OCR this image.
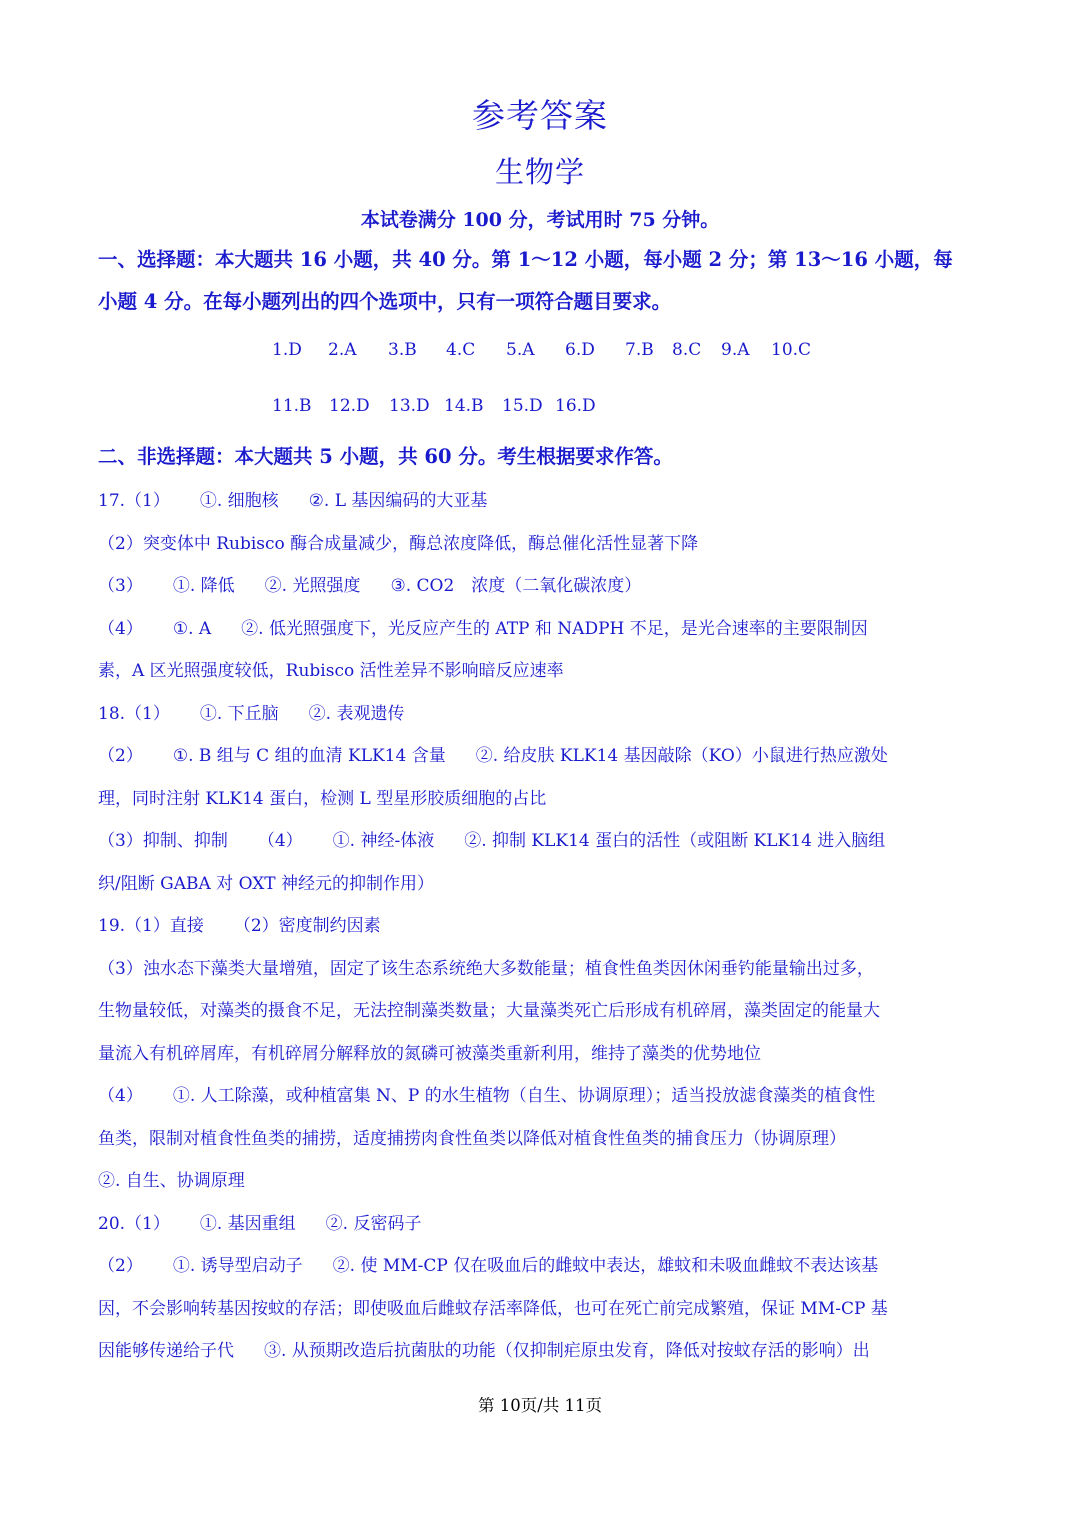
参考答案
生物学
本试卷满分 100 分，考试用时 75 分钟。
一、选择题：本大题共 16 小题，共 40 分。第 1～12 小题，每小题 2 分；第 13～16 小题，每
小题 4 分。在每小题列出的四个选项中，只有一项符合题目要求。
1.D 2.A 3.B 4.C 5.A 6.D 7.B 8.C 9.A 10.C
11.B 12.D 13.D 14.B 15.D 16.D
二、非选择题：本大题共 5 小题，共 60 分。考生根据要求作答。
17.（1） ①. 细胞核 ②. L 基因编码的大亚基
（2）突变体中 Rubisco 酶合成量减少，酶总浓度降低，酶总催化活性显著下降
（3） ①. 降低 ②. 光照强度 ③. CO2　浓度（二氧化碳浓度）
（4） ①. A ②. 低光照强度下，光反应产生的 ATP 和 NADPH 不足，是光合速率的主要限制因
素，A 区光照强度较低，Rubisco 活性差异不影响暗反应速率
18.（1） ①. 下丘脑 ②. 表观遗传
（2） ①. B 组与 C 组的血清 KLK14 含量 ②. 给皮肤 KLK14 基因敲除（KO）小鼠进行热应激处
理，同时注射 KLK14 蛋白，检测 L 型星形胶质细胞的占比
（3）抑制、抑制 （4） ①. 神经-体液 ②. 抑制 KLK14 蛋白的活性（或阻断 KLK14 进入脑组
织/阻断 GABA 对 OXT 神经元的抑制作用）
19.（1）直接 （2）密度制约因素
（3）浊水态下藻类大量增殖，固定了该生态系统绝大多数能量；植食性鱼类因休闲垂钓能量输出过多，
生物量较低，对藻类的摄食不足，无法控制藻类数量；大量藻类死亡后形成有机碎屑，藻类固定的能量大
量流入有机碎屑库，有机碎屑分解释放的氮磷可被藻类重新利用，维持了藻类的优势地位
（4） ①. 人工除藻，或种植富集 N、P 的水生植物（自生、协调原理）；适当投放滤食藻类的植食性
鱼类，限制对植食性鱼类的捕捞，适度捕捞肉食性鱼类以降低对植食性鱼类的捕食压力（协调原理）
②. 自生、协调原理
20.（1） ①. 基因重组 ②. 反密码子
（2） ①. 诱导型启动子 ②. 使 MM-CP 仅在吸血后的雌蚊中表达，雄蚊和未吸血雌蚊不表达该基
因，不会影响转基因按蚊的存活；即使吸血后雌蚊存活率降低，也可在死亡前完成繁殖，保证 MM-CP 基
因能够传递给子代 ③. 从预期改造后抗菌肽的功能（仅抑制疟原虫发育，降低对按蚊存活的影响）出
第 10页/共 11页
